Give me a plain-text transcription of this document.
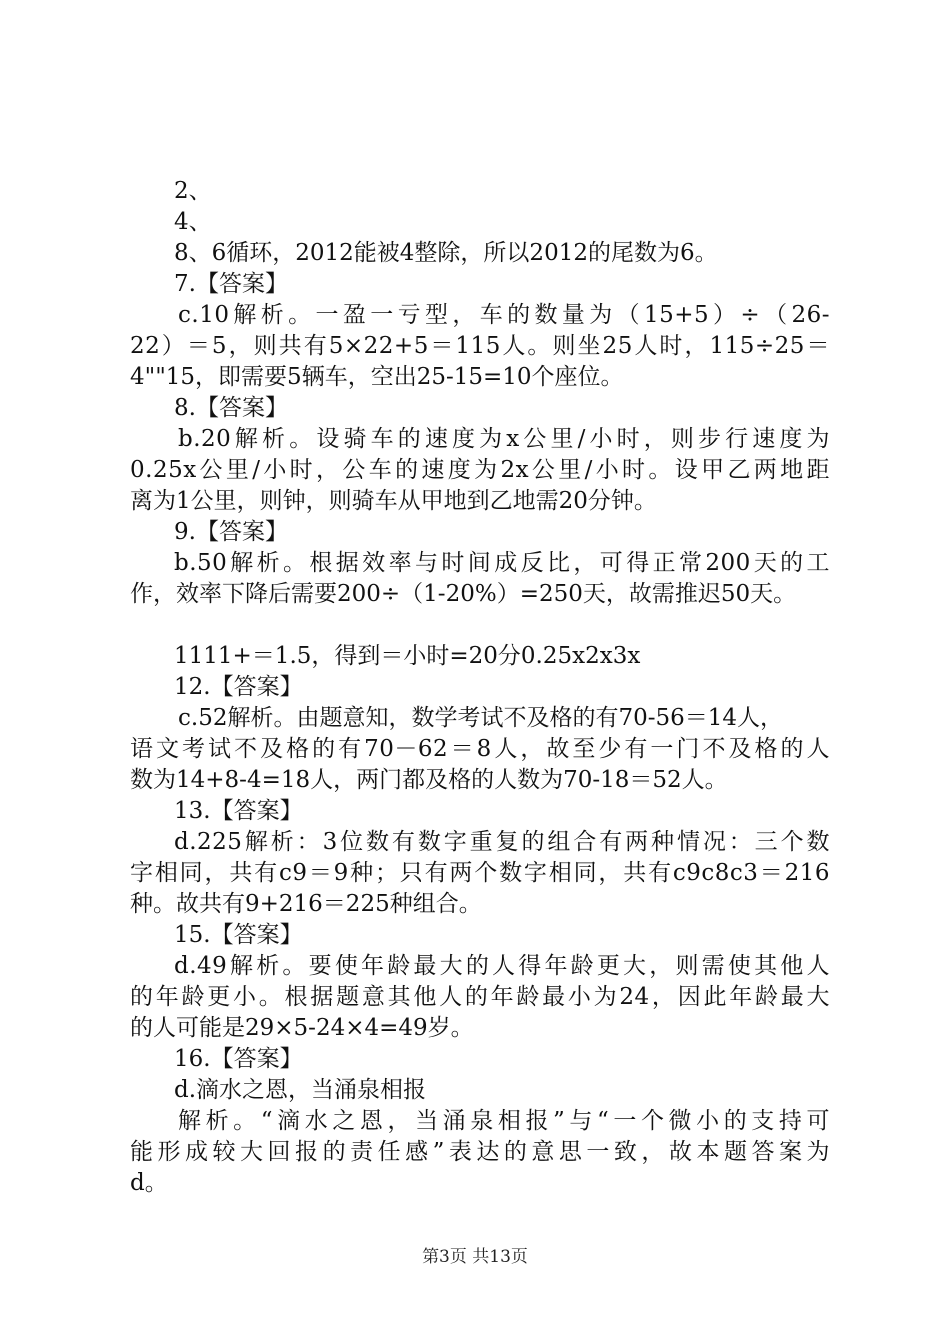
2、
4、
8、6循环，2012能被4整除，所以2012的尾数为6。
7.【答案】
c.10解析。一盈一亏型，车的数量为（15+5）÷（26-
22）＝5，则共有5×22+5＝115人。则坐25人时，115÷25＝
4""15，即需要5辆车，空出25-15=10个座位。
8.【答案】
b.20解析。设骑车的速度为x公里/小时，则步行速度为
0.25x公里/小时，公车的速度为2x公里/小时。设甲乙两地距
离为1公里，则钟，则骑车从甲地到乙地需20分钟。
9.【答案】
b.50解析。根据效率与时间成反比，可得正常200天的工
作，效率下降后需要200÷（1-20%）=250天，故需推迟50天。
1111+＝1.5，得到＝小时=20分0.25x2x3x
12.【答案】
c.52解析。由题意知，数学考试不及格的有70-56＝14人，
语文考试不及格的有70－62＝8人，故至少有一门不及格的人
数为14+8-4=18人，两门都及格的人数为70-18＝52人。
13.【答案】
d.225解析：3位数有数字重复的组合有两种情况：三个数
字相同，共有c9＝9种；只有两个数字相同，共有c9c8c3＝216
种。故共有9+216＝225种组合。
15.【答案】
d.49解析。要使年龄最大的人得年龄更大，则需使其他人
的年龄更小。根据题意其他人的年龄最小为24，因此年龄最大
的人可能是29×5-24×4=49岁。
16.【答案】
d.滴水之恩，当涌泉相报
解析。“滴水之恩，当涌泉相报”与“一个微小的支持可
能形成较大回报的责任感”表达的意思一致，故本题答案为
d。
第3页 共13页
